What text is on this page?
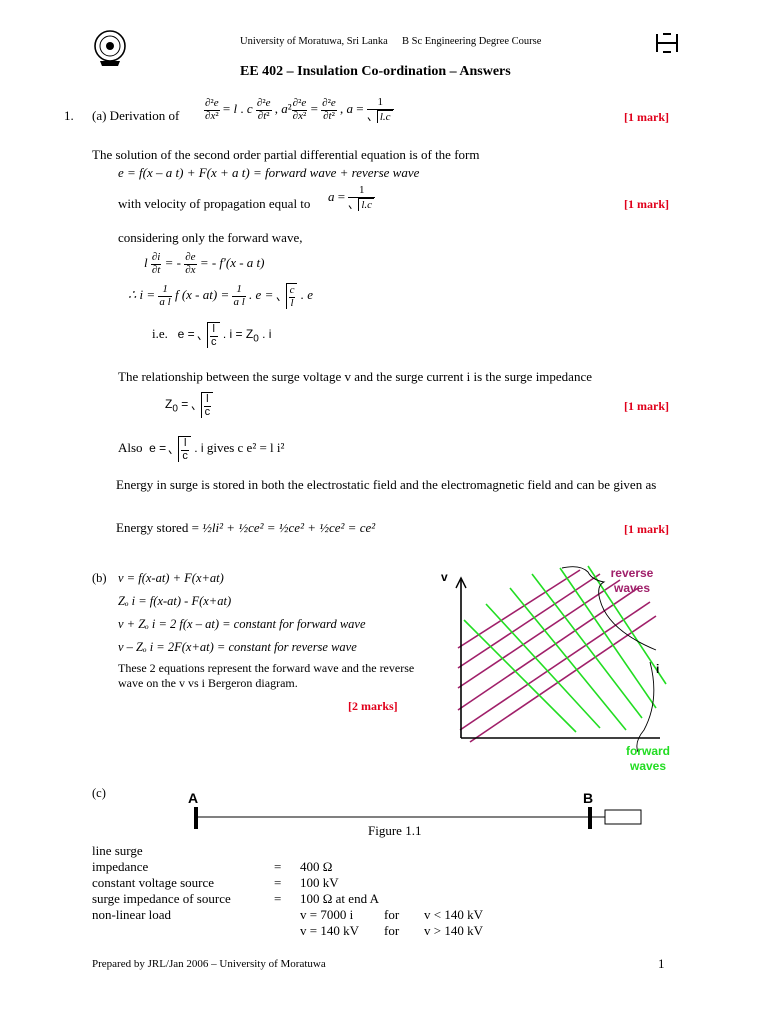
University of Moratuwa, Sri Lanka B Sc Engineering Degree Course
EE 402 – Insulation Co-ordination – Answers
1. (a) Derivation of $\frac{\text{∂²e}}{\text{∂x²}} = l$ . c $\frac{\text{∂²e}}{\text{∂t²}}$ , $a^2 \frac{\text{∂²e}}{\text{∂x²}} = \frac{\text{∂²e}}{\text{∂t²}}$ , $a = \frac{1}{l.c}$	[1 mark]
The solution of the second order partial differential equation is of the form
e = f(x – a t) + F(x + a t) = forward wave + reverse wave
with velocity of propagation equal to $a = \frac{1}{l.c}$	[1 mark]
considering only the forward wave,
l $\frac{\partial i}{\partial t}$ = - $\frac{\partial e}{\partial x}$ = - f′(x - a t)
∴ $i = \frac{1}{\text{a l}}$ f $(x - at) = \frac{1}{\text{a l}}$ . $e = \frac{c}{l}$ . e
i.e. $e = \frac{l}{c}$ . $i = Z_0$ . i
The relationship between the surge voltage v and the surge current i is the surge impedance
$Z_0 = \frac{l}{c}$	[1 mark]
Also $e = \frac{l}{c}$ . i gives c e² = l i²
Energy in surge is stored in both the electrostatic field and the electromagnetic field and can be given as
Energy stored = ½li² + ½ce² = ½ce² + ½ce² = ce²	[1 mark]
(b) v = f(x-at) + F(x+at)
Zₒ i = f(x-at) - F(x+at)
v + Zₒ i = 2 f(x – at) = constant for forward wave
v – Zₒ i = 2F(x+at) = constant for reverse wave
These 2 equations represent the forward wave and the reverse wave on the v vs i Bergeron diagram.
[2 marks]
v
i
reverse waves
forward waves
(c)	A	B
Figure 1.1
line surge				
impedance	=	400 Ω		
constant voltage source	=	100 kV		
surge impedance of source	=	100 Ω at end A		
non-linear load		v = 7000 i	for	v < 140 kV
		v = 140 kV	for	v > 140 kV
Prepared by JRL/Jan 2006 – University of Moratuwa	1
